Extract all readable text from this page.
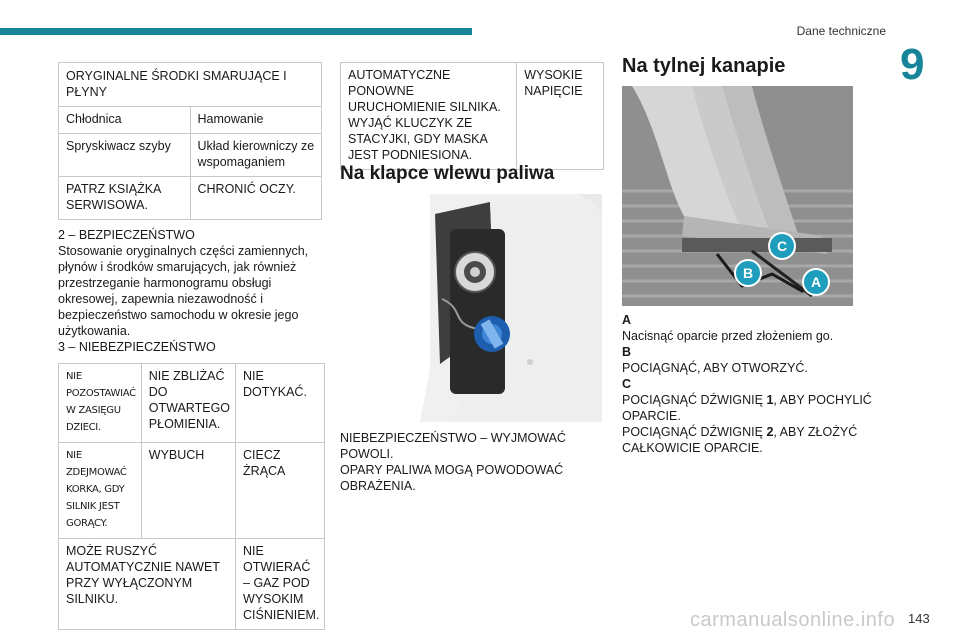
Dane techniczne
9
ORYGINALNE ŚRODKI SMARUJĄCE I PŁYNY	
Chłodnica	Hamowanie
Spryskiwacz szyby	Układ kierowniczy ze wspomaganiem
PATRZ KSIĄŻKA SERWISOWA.	CHRONIĆ OCZY.
2 – BEZPIECZEŃSTWO
Stosowanie oryginalnych części zamiennych, płynów i środków smarujących, jak również przestrzeganie harmonogramu obsługi okresowej, zapewnia niezawodność i bezpieczeństwo samochodu w okresie jego użytkowania.
3 – NIEBEZPIECZEŃSTWO
NIE POZOSTAWIAĆ W ZASIĘGU DZIECI.	NIE ZBLIŻAĆ DO OTWARTEGO PŁOMIENIA.	NIE DOTYKAĆ.
NIE ZDEJMOWAĆ KORKA, GDY SILNIK JEST GORĄCY.	WYBUCH	CIECZ ŻRĄCA
MOŻE RUSZYĆ AUTOMATYCZNIE NAWET PRZY WYŁĄCZONYM SILNIKU.		NIE OTWIERAĆ – GAZ POD WYSOKIM CIŚNIENIEM.
AUTOMATYCZNE PONOWNE URUCHOMIENIE SILNIKA. WYJĄĆ KLUCZYK ZE STACYJKI, GDY MASKA JEST PODNIESIONA.	WYSOKIE NAPIĘCIE
Na klapce wlewu paliwa
NIEBEZPIECZEŃSTWO – WYJMOWAĆ POWOLI.
OPARY PALIWA MOGĄ POWODOWAĆ OBRAŻENIA.
Na tylnej kanapie
C
B
A
A
Nacisnąć oparcie przed złożeniem go.
B
POCIĄGNĄĆ, ABY OTWORZYĆ.
C
POCIĄGNĄĆ DŹWIGNIĘ 1, ABY POCHYLIĆ OPARCIE.
POCIĄGNĄĆ DŹWIGNIĘ 2, ABY ZŁOŻYĆ CAŁKOWICIE OPARCIE.
carmanualsonline.info 143
